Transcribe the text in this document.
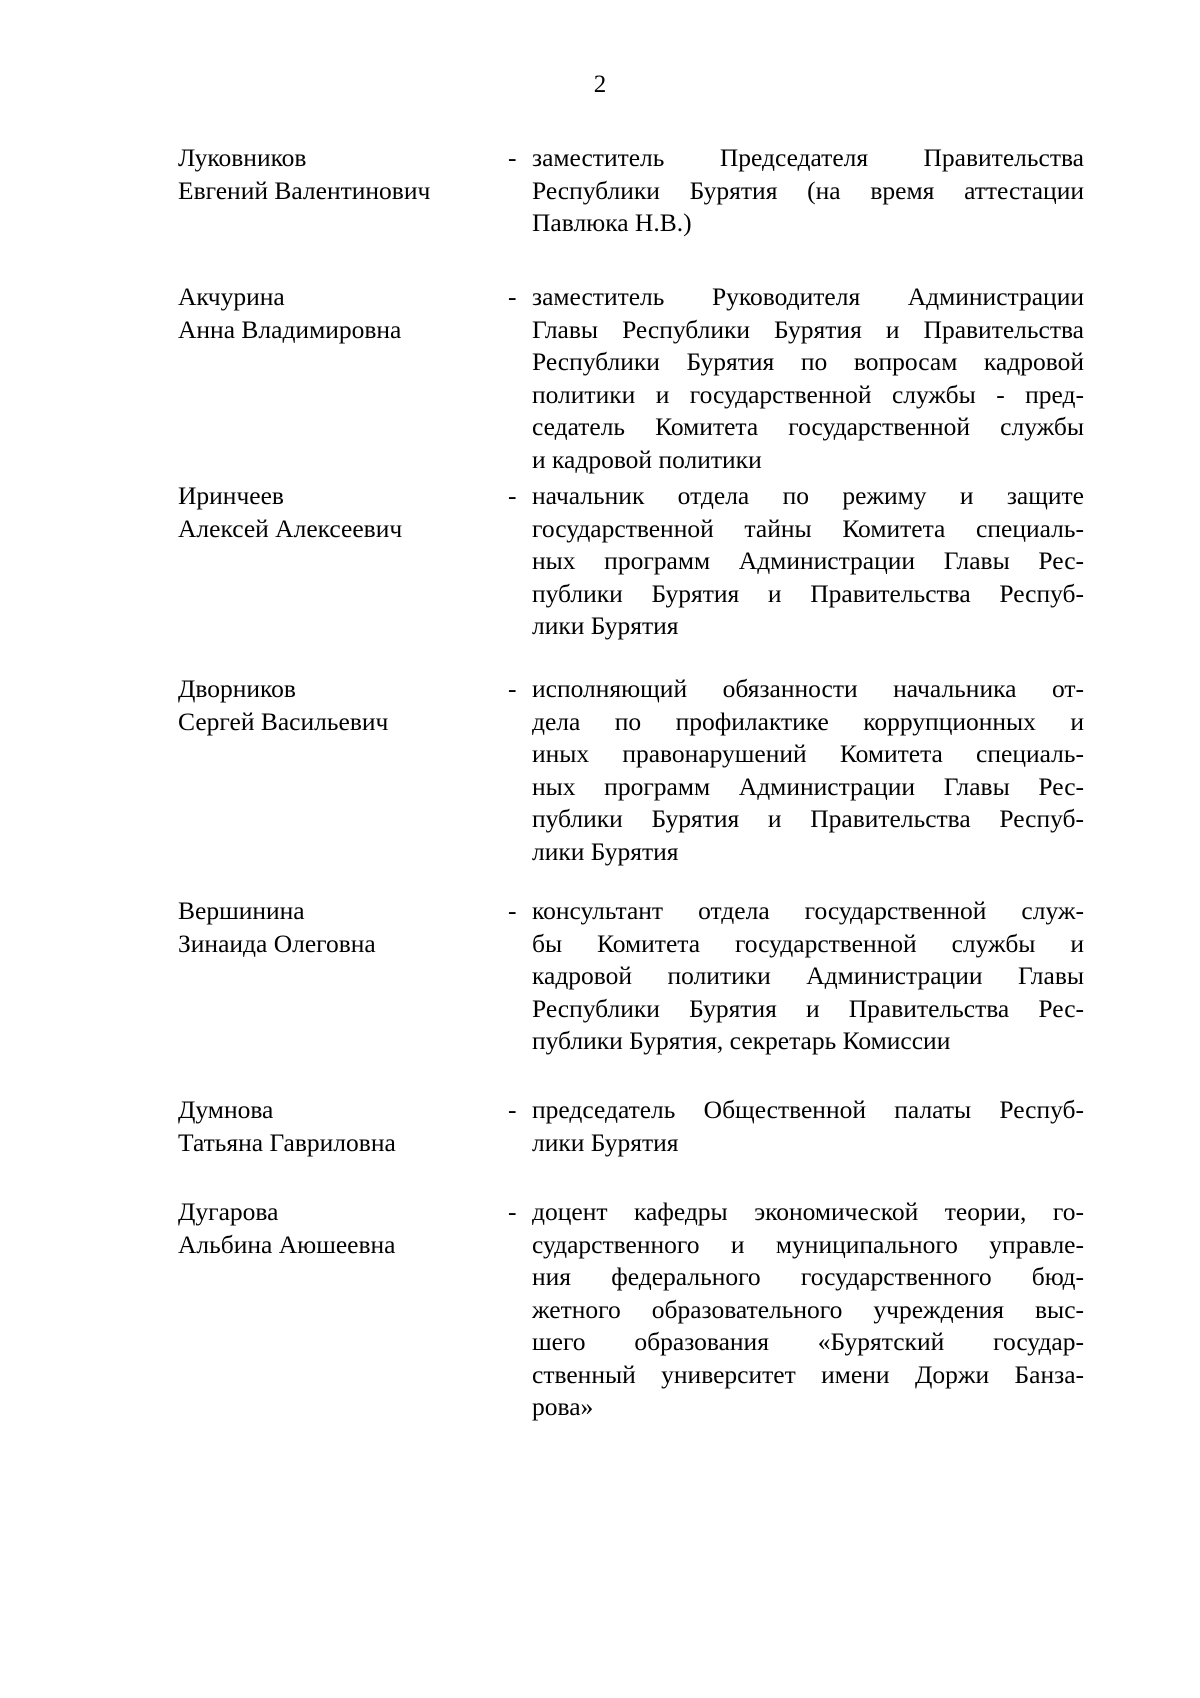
2
Луковников
Евгений Валентинович
- заместитель Председателя Правительства
Республики Бурятия (на время аттестации
Павлюка Н.В.)
Акчурина
Анна Владимировна
- заместитель Руководителя Администрации
Главы Республики Бурятия и Правительства
Республики Бурятия по вопросам кадровой
политики и государственной службы - пред-
седатель Комитета государственной службы
и кадровой политики
Иринчеев
Алексей Алексеевич
- начальник отдела по режиму и защите
государственной тайны Комитета специаль-
ных программ Администрации Главы Рес-
публики Бурятия и Правительства Респуб-
лики Бурятия
Дворников
Сергей Васильевич
- исполняющий обязанности начальника от-
дела по профилактике коррупционных и
иных правонарушений Комитета специаль-
ных программ Администрации Главы Рес-
публики Бурятия и Правительства Респуб-
лики Бурятия
Вершинина
Зинаида Олеговна
- консультант отдела государственной служ-
бы Комитета государственной службы и
кадровой политики Администрации Главы
Республики Бурятия и Правительства Рес-
публики Бурятия, секретарь Комиссии
Думнова
Татьяна Гавриловна
- председатель Общественной палаты Респуб-
лики Бурятия
Дугарова
Альбина Аюшеевна
- доцент кафедры экономической теории, го-
сударственного и муниципального управле-
ния федерального государственного бюд-
жетного образовательного учреждения выс-
шего образования «Бурятский государ-
ственный университет имени Доржи Банза-
рова»
